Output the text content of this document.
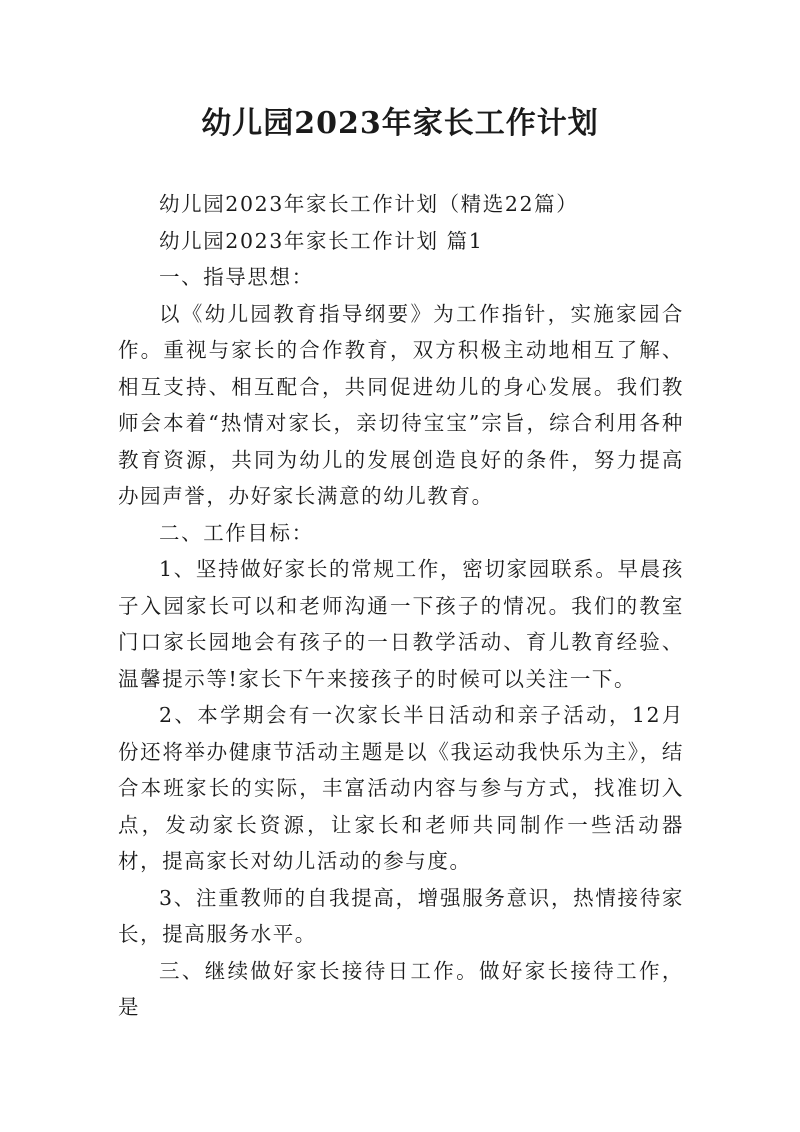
幼儿园2023年家长工作计划

幼儿园2023年家长工作计划（精选22篇）

幼儿园2023年家长工作计划 篇1

一、指导思想：

以《幼儿园教育指导纲要》为工作指针，实施家园合作。重视与家长的合作教育，双方积极主动地相互了解、相互支持、相互配合，共同促进幼儿的身心发展。我们教师会本着“热情对家长，亲切待宝宝”宗旨，综合利用各种教育资源，共同为幼儿的发展创造良好的条件，努力提高办园声誉，办好家长满意的幼儿教育。

二、工作目标：

1、坚持做好家长的常规工作，密切家园联系。早晨孩子入园家长可以和老师沟通一下孩子的情况。我们的教室门口家长园地会有孩子的一日教学活动、育儿教育经验、温馨提示等!家长下午来接孩子的时候可以关注一下。

2、本学期会有一次家长半日活动和亲子活动，12月份还将举办健康节活动主题是以《我运动我快乐为主》，结合本班家长的实际，丰富活动内容与参与方式，找准切入点，发动家长资源，让家长和老师共同制作一些活动器材，提高家长对幼儿活动的参与度。

3、注重教师的自我提高，增强服务意识，热情接待家长，提高服务水平。

三、继续做好家长接待日工作。做好家长接待工作，是
